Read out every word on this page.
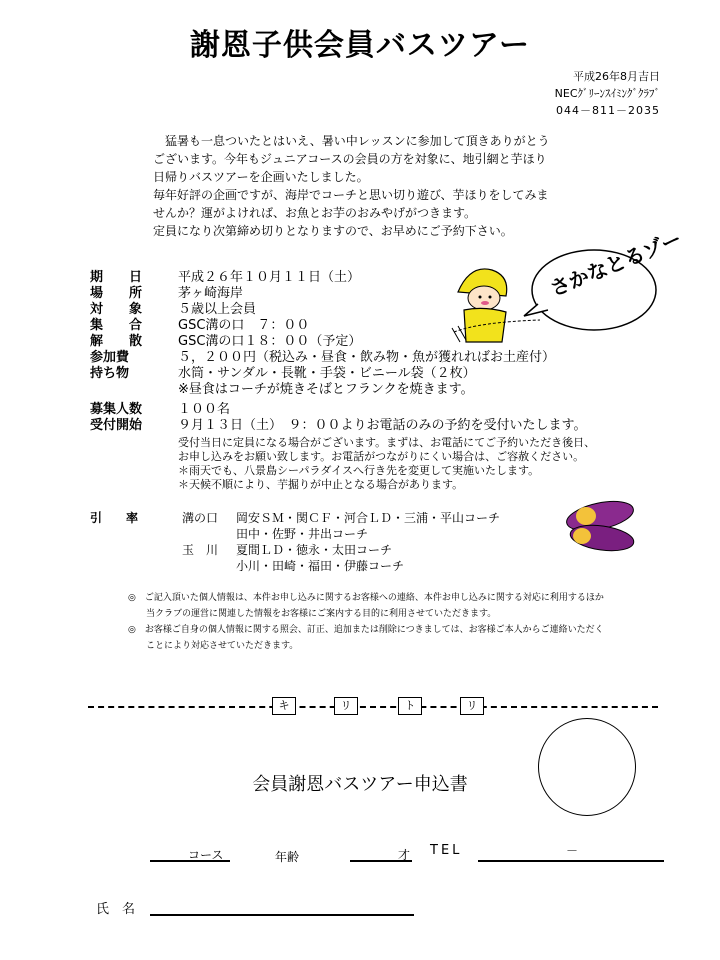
謝恩子供会員バスツアー
平成26年8月吉日
NECｸﾞﾘｰﾝｽｲﾐﾝｸﾞｸﾗﾌﾞ
044－811－2035
　猛暑も一息ついたとはいえ、暑い中レッスンに参加して頂きありがとう
ございます。今年もジュニアコースの会員の方を対象に、地引網と芋ほり
日帰りバスツアーを企画いたしました。
毎年好評の企画ですが、海岸でコーチと思い切り遊び、芋ほりをしてみま
せんか？運がよければ、お魚とお芋のおみやげがつきます。
定員になり次第締め切りとなりますので、お早めにご予約下さい。
期　　日	平成２６年１０月１１日（土）
場　　所	茅ヶ崎海岸
対　　象	５歳以上会員
集　　合	GSC溝の口　７：００
解　　散	GSC溝の口１８：００（予定）
参加費	５，２００円（税込み・昼食・飲み物・魚が獲れればお土産付）
持ち物	水筒・サンダル・長靴・手袋・ビニール袋（２枚）
※昼食はコーチが焼きそばとフランクを焼きます。
募集人数	１００名
受付開始	９月１３日（土）　９：００よりお電話のみの予約を受付いたします。
受付当日に定員になる場合がございます。まずは、お電話にてご予約いただき後日、
お申し込みをお願い致します。お電話がつながりにくい場合は、ご容赦ください。
＊雨天でも、八景島シーパラダイスへ行き先を変更して実施いたします。
＊天候不順により、芋掘りが中止となる場合があります。
引　　率	溝の口 岡安ＳＭ・関ＣＦ・河合ＬＤ・三浦・平山コーチ
田中・佐野・井出コーチ
玉　川 夏間ＬＤ・徳永・太田コーチ
小川・田崎・福田・伊藤コーチ
◎　ご記入頂いた個人情報は、本件お申し込みに関するお客様への連絡、本件お申し込みに関する対応に利用するほか
　　当クラブの運営に関連した情報をお客様にご案内する目的に利用させていただきます。
◎　お客様ご自身の個人情報に関する照会、訂正、追加または削除につきましては、お客様ご本人からご連絡いただく
　　ことにより対応させていただきます。
さかなとるゾー
キ	リ	ト	リ
会員謝恩バスツアー申込書
コース	年齢	才 TEL	－
氏　名
